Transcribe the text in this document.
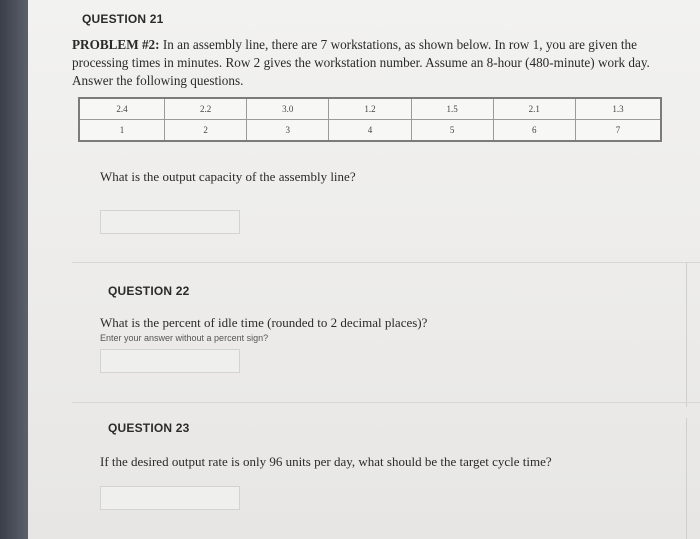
QUESTION 21
PROBLEM #2: In an assembly line, there are 7 workstations, as shown below. In row 1, you are given the processing times in minutes. Row 2 gives the workstation number. Assume an 8-hour (480-minute) work day. Answer the following questions.
2.4	2.2	3.0	1.2	1.5	2.1	1.3
1	2	3	4	5	6	7
What is the output capacity of the assembly line?
QUESTION 22
What is the percent of idle time (rounded to 2 decimal places)?
Enter your answer without a percent sign?
QUESTION 23
If the desired output rate is only 96 units per day, what should be the target cycle time?
